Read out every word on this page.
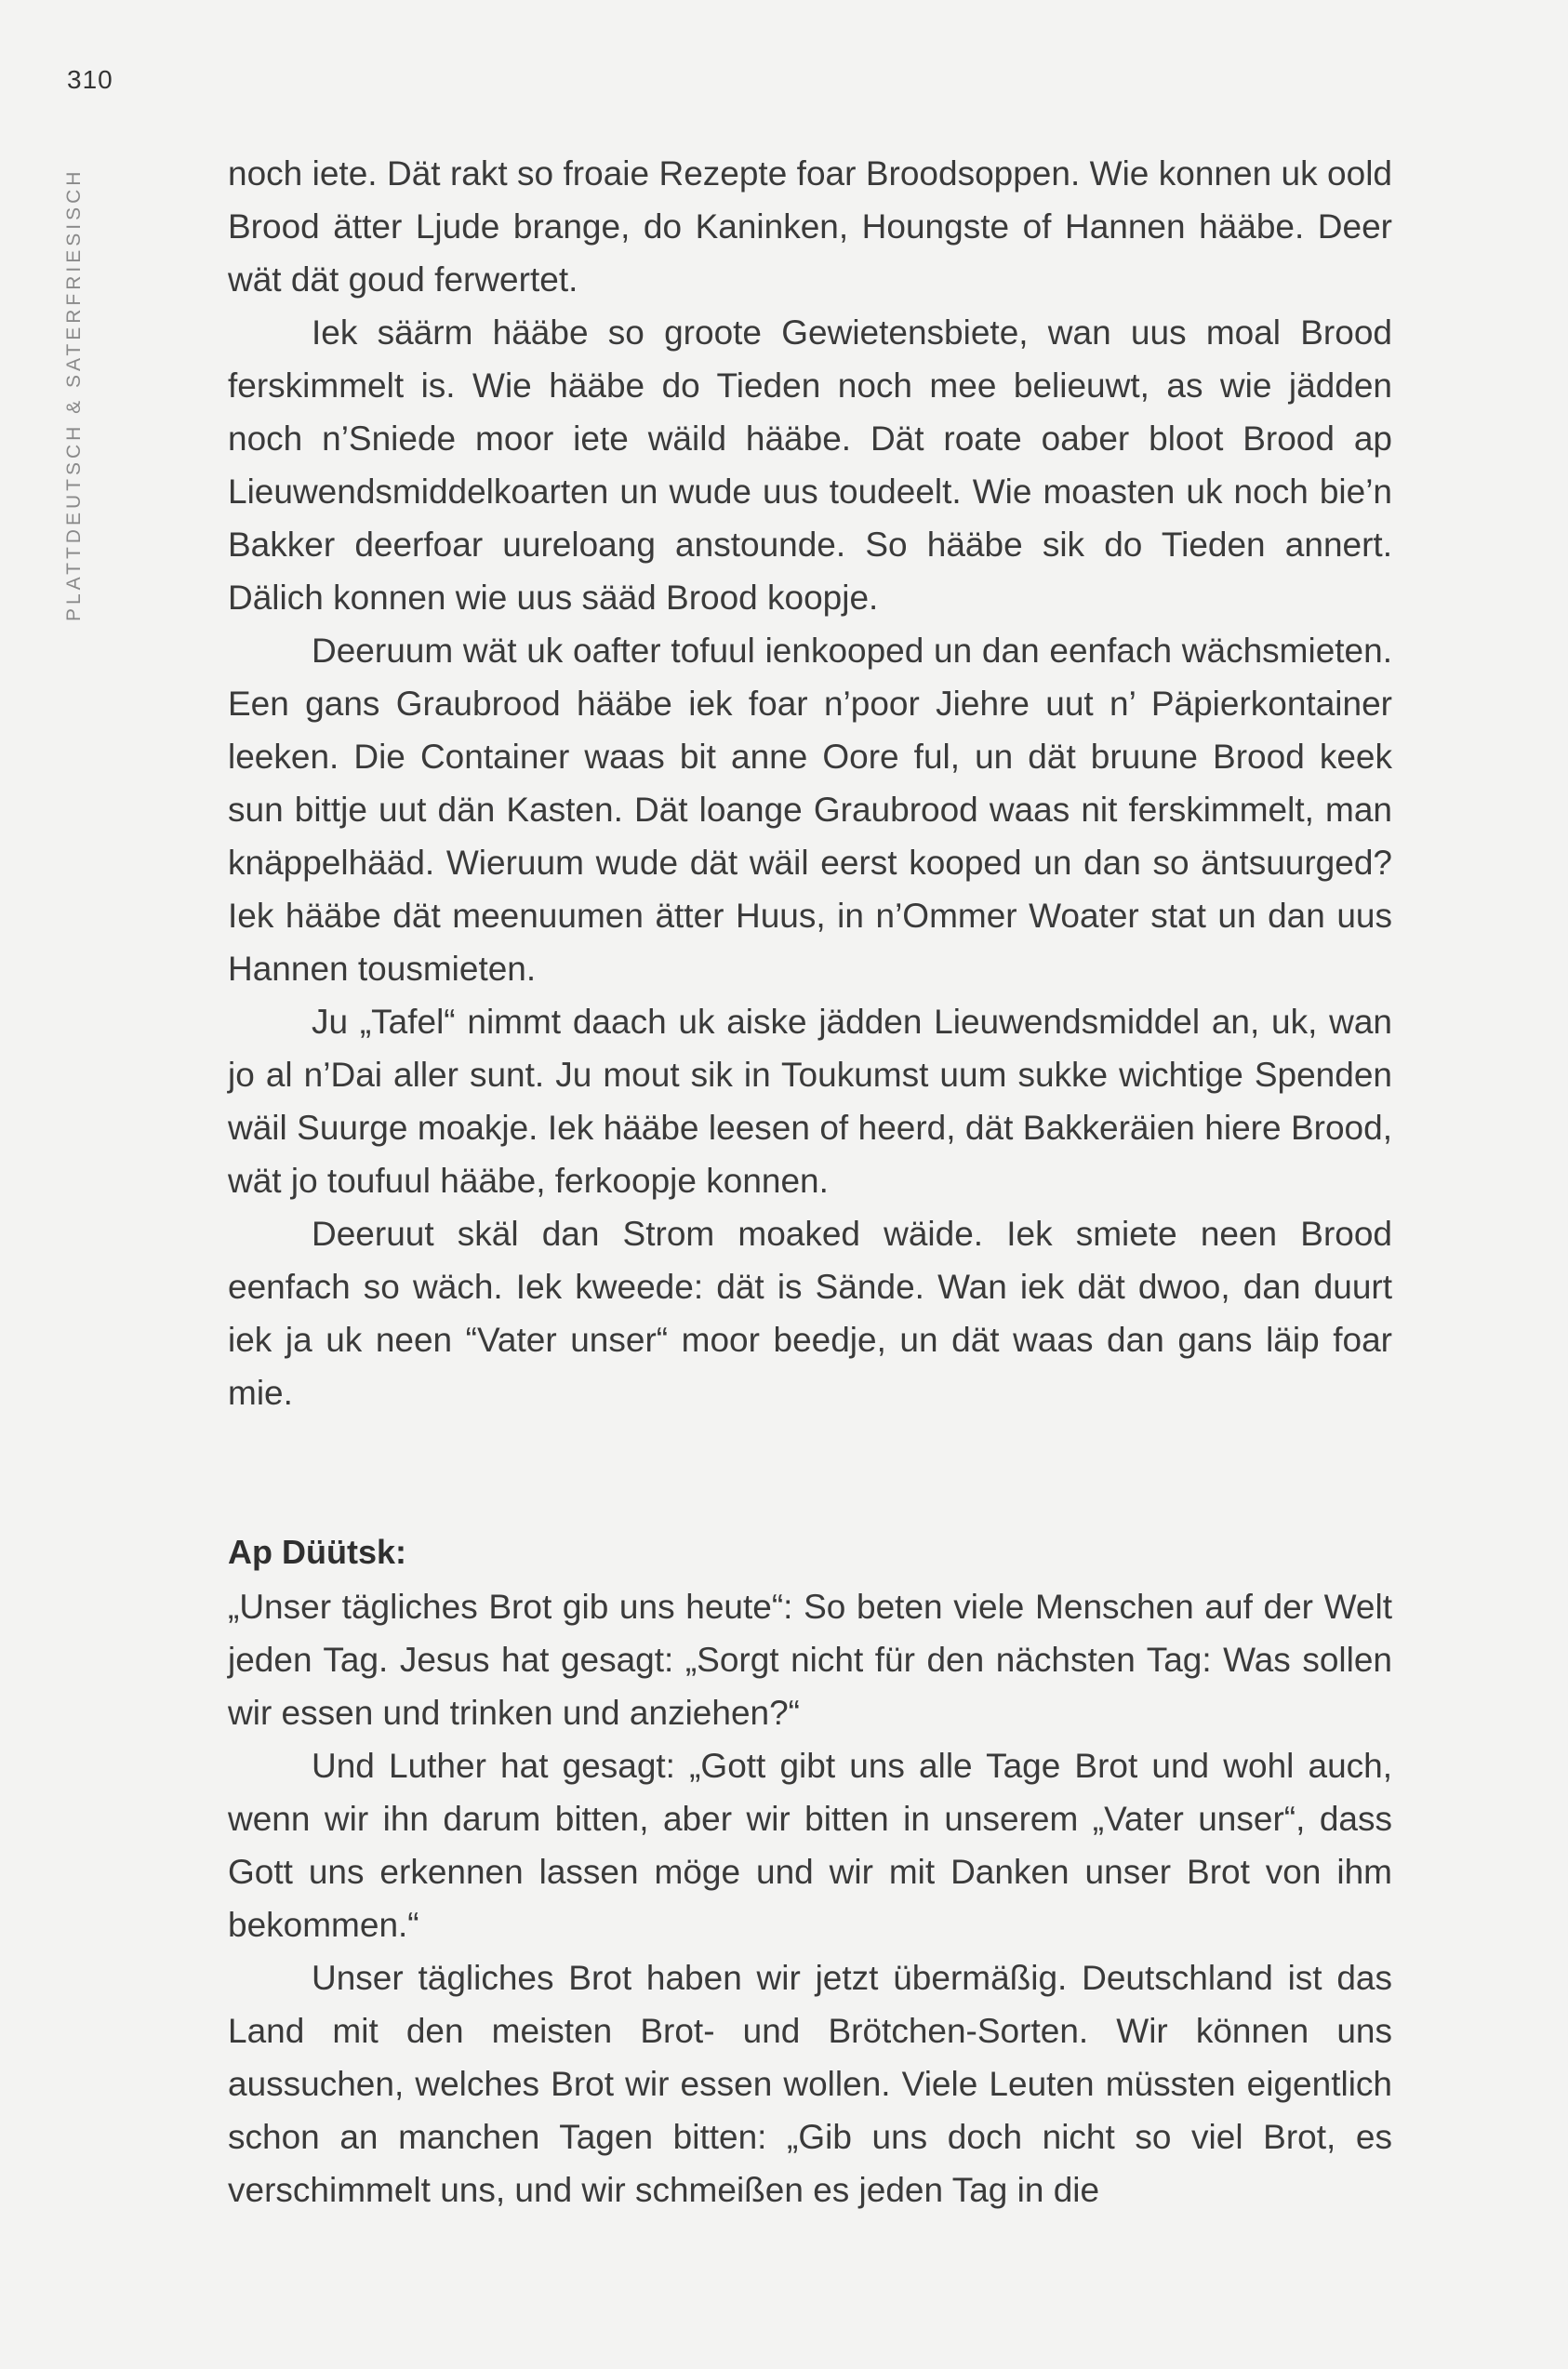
310
PLATTDEUTSCH & SATERFRIESISCH	noch iete. Dät rakt so froaie Rezepte foar Broodsoppen. Wie konnen uk oold Brood ätter Ljude brange, do Kaninken, Houngste of Hannen hääbe. Deer wät dät goud ferwertet.

Iek säärm hääbe so groote Gewietensbiete, wan uus moal Brood ferskimmelt is. Wie hääbe do Tieden noch mee belieuwt, as wie jädden noch n’Sniede moor iete wäild hääbe. Dät roate oaber bloot Brood ap Lieuwendsmiddelkoarten un wude uus toudeelt. Wie moasten uk noch bie’n Bakker deerfoar uureloang anstounde. So hääbe sik do Tieden annert. Dälich konnen wie uus sääd Brood koopje.

Deeruum wät uk oafter tofuul ienkooped un dan eenfach wächsmieten. Een gans Graubrood hääbe iek foar n’poor Jiehre uut n’ Päpierkontainer leeken. Die Container waas bit anne Oore ful, un dät bruune Brood keek sun bittje uut dän Kasten. Dät loange Graubrood waas nit ferskimmelt, man knäppelhääd. Wieruum wude dät wäil eerst kooped un dan so äntsuurged? Iek hääbe dät meenuumen ätter Huus, in n’Ommer Woater stat un dan uus Hannen tousmieten.

Ju „Tafel“ nimmt daach uk aiske jädden Lieuwendsmiddel an, uk, wan jo al n’Dai aller sunt. Ju mout sik in Toukumst uum sukke wichtige Spenden wäil Suurge moakje. Iek hääbe leesen of heerd, dät Bakkeräien hiere Brood, wät jo toufuul hääbe, ferkoopje konnen.

Deeruut skäl dan Strom moaked wäide. Iek smiete neen Brood eenfach so wäch. Iek kweede: dät is Sände. Wan iek dät dwoo, dan duurt iek ja uk neen “Vater unser“ moor beedje, un dät waas dan gans läip foar mie.

Ap Düütsk:

„Unser tägliches Brot gib uns heute“: So beten viele Menschen auf der Welt jeden Tag. Jesus hat gesagt: „Sorgt nicht für den nächsten Tag: Was sollen wir essen und trinken und anziehen?“

Und Luther hat gesagt: „Gott gibt uns alle Tage Brot und wohl auch, wenn wir ihn darum bitten, aber wir bitten in unserem „Vater unser“, dass Gott uns erkennen lassen möge und wir mit Danken unser Brot von ihm bekommen.“

Unser tägliches Brot haben wir jetzt übermäßig. Deutschland ist das Land mit den meisten Brot- und Brötchen-Sorten. Wir können uns aussuchen, welches Brot wir essen wollen. Viele Leuten müssten eigentlich schon an manchen Tagen bitten: „Gib uns doch nicht so viel Brot, es verschimmelt uns, und wir schmeißen es jeden Tag in die
